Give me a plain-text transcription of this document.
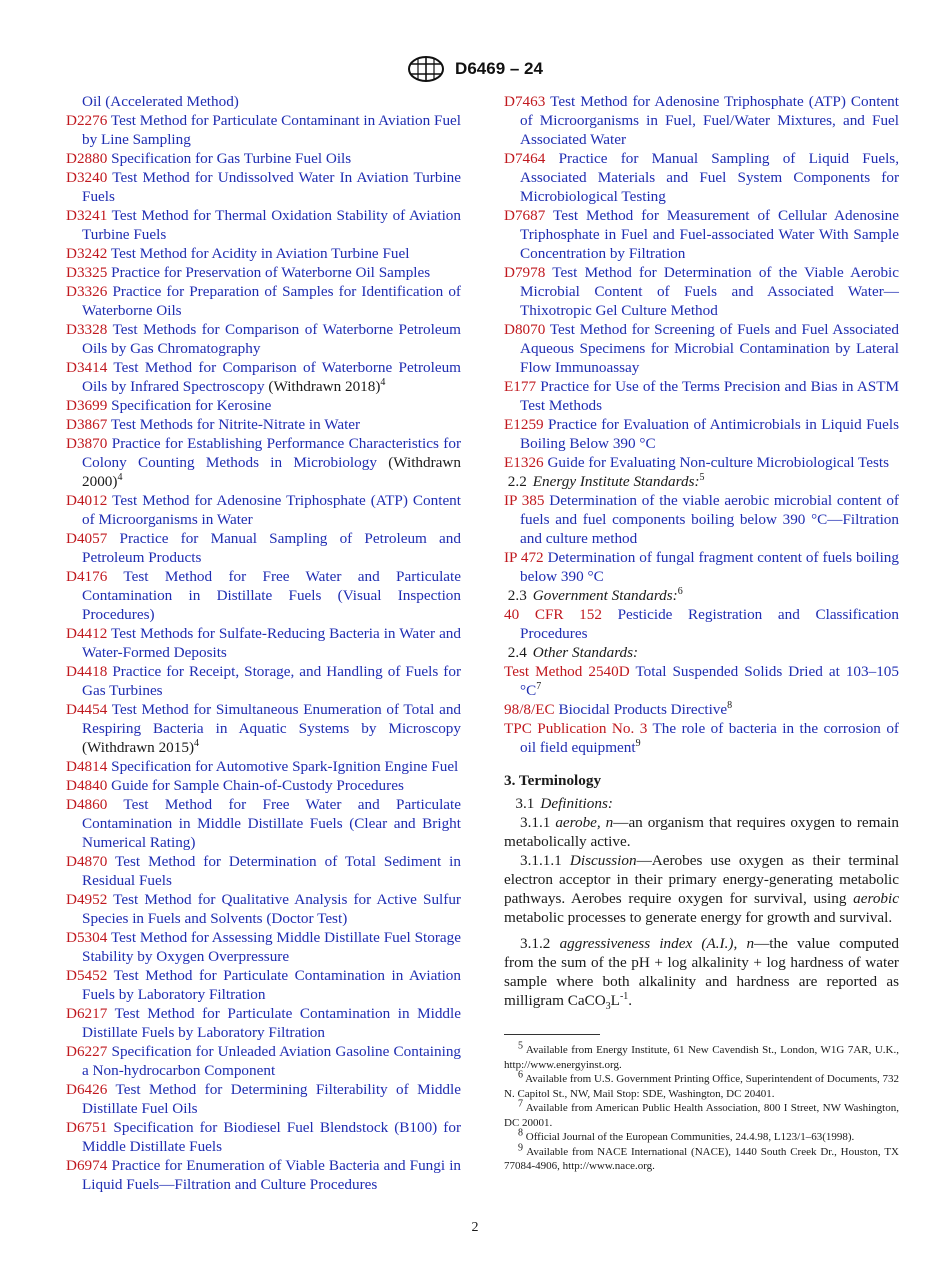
D6469 – 24

Oil (Accelerated Method)

D2276 Test Method for Particulate Contaminant in Aviation Fuel by Line Sampling

D2880 Specification for Gas Turbine Fuel Oils

D3240 Test Method for Undissolved Water In Aviation Turbine Fuels

D3241 Test Method for Thermal Oxidation Stability of Aviation Turbine Fuels

D3242 Test Method for Acidity in Aviation Turbine Fuel

D3325 Practice for Preservation of Waterborne Oil Samples

D3326 Practice for Preparation of Samples for Identification of Waterborne Oils

D3328 Test Methods for Comparison of Waterborne Petroleum Oils by Gas Chromatography

D3414 Test Method for Comparison of Waterborne Petroleum Oils by Infrared Spectroscopy (Withdrawn 2018)$^4$

D3699 Specification for Kerosine

D3867 Test Methods for Nitrite-Nitrate in Water

D3870 Practice for Establishing Performance Characteristics for Colony Counting Methods in Microbiology (Withdrawn 2000)$^4$

D4012 Test Method for Adenosine Triphosphate (ATP) Content of Microorganisms in Water

D4057 Practice for Manual Sampling of Petroleum and Petroleum Products

D4176 Test Method for Free Water and Particulate Contamination in Distillate Fuels (Visual Inspection Procedures)

D4412 Test Methods for Sulfate-Reducing Bacteria in Water and Water-Formed Deposits

D4418 Practice for Receipt, Storage, and Handling of Fuels for Gas Turbines

D4454 Test Method for Simultaneous Enumeration of Total and Respiring Bacteria in Aquatic Systems by Microscopy (Withdrawn 2015)$^4$

D4814 Specification for Automotive Spark-Ignition Engine Fuel

D4840 Guide for Sample Chain-of-Custody Procedures

D4860 Test Method for Free Water and Particulate Contamination in Middle Distillate Fuels (Clear and Bright Numerical Rating)

D4870 Test Method for Determination of Total Sediment in Residual Fuels

D4952 Test Method for Qualitative Analysis for Active Sulfur Species in Fuels and Solvents (Doctor Test)

D5304 Test Method for Assessing Middle Distillate Fuel Storage Stability by Oxygen Overpressure

D5452 Test Method for Particulate Contamination in Aviation Fuels by Laboratory Filtration

D6217 Test Method for Particulate Contamination in Middle Distillate Fuels by Laboratory Filtration

D6227 Specification for Unleaded Aviation Gasoline Containing a Non-hydrocarbon Component

D6426 Test Method for Determining Filterability of Middle Distillate Fuel Oils

D6751 Specification for Biodiesel Fuel Blendstock (B100) for Middle Distillate Fuels

D6974 Practice for Enumeration of Viable Bacteria and Fungi in Liquid Fuels—Filtration and Culture Procedures

D7463 Test Method for Adenosine Triphosphate (ATP) Content of Microorganisms in Fuel, Fuel/Water Mixtures, and Fuel Associated Water

D7464 Practice for Manual Sampling of Liquid Fuels, Associated Materials and Fuel System Components for Microbiological Testing

D7687 Test Method for Measurement of Cellular Adenosine Triphosphate in Fuel and Fuel-associated Water With Sample Concentration by Filtration

D7978 Test Method for Determination of the Viable Aerobic Microbial Content of Fuels and Associated Water—Thixotropic Gel Culture Method

D8070 Test Method for Screening of Fuels and Fuel Associated Aqueous Specimens for Microbial Contamination by Lateral Flow Immunoassay

E177 Practice for Use of the Terms Precision and Bias in ASTM Test Methods

E1259 Practice for Evaluation of Antimicrobials in Liquid Fuels Boiling Below 390 °C

E1326 Guide for Evaluating Non-culture Microbiological Tests

2.2 Energy Institute Standards:$^5$

IP 385 Determination of the viable aerobic microbial content of fuels and fuel components boiling below 390 °C—Filtration and culture method

IP 472 Determination of fungal fragment content of fuels boiling below 390 °C

2.3 Government Standards:$^6$

40 CFR 152 Pesticide Registration and Classification Procedures

2.4 Other Standards:

Test Method 2540D Total Suspended Solids Dried at 103–105 °C$^7$

98/8/EC Biocidal Products Directive$^8$

TPC Publication No. 3 The role of bacteria in the corrosion of oil field equipment$^9$

3. Terminology

3.1 Definitions:

3.1.1 aerobe, n—an organism that requires oxygen to remain metabolically active.

3.1.1.1 Discussion—Aerobes use oxygen as their terminal electron acceptor in their primary energy-generating metabolic pathways. Aerobes require oxygen for survival, using aerobic metabolic processes to generate energy for growth and survival.

3.1.2 aggressiveness index (A.I.), n—the value computed from the sum of the pH + log alkalinity + log hardness of water sample where both alkalinity and hardness are reported as milligram $CaCO_3L^{-1}$.

$^5$ Available from Energy Institute, 61 New Cavendish St., London, W1G 7AR, U.K., http://www.energyinst.org.

$^6$ Available from U.S. Government Printing Office, Superintendent of Documents, 732 N. Capitol St., NW, Mail Stop: SDE, Washington, DC 20401.

$^7$ Available from American Public Health Association, 800 I Street, NW Washington, DC 20001.

$^8$ Official Journal of the European Communities, 24.4.98, L123/1–63(1998).

$^9$ Available from NACE International (NACE), 1440 South Creek Dr., Houston, TX 77084-4906, http://www.nace.org.

2
